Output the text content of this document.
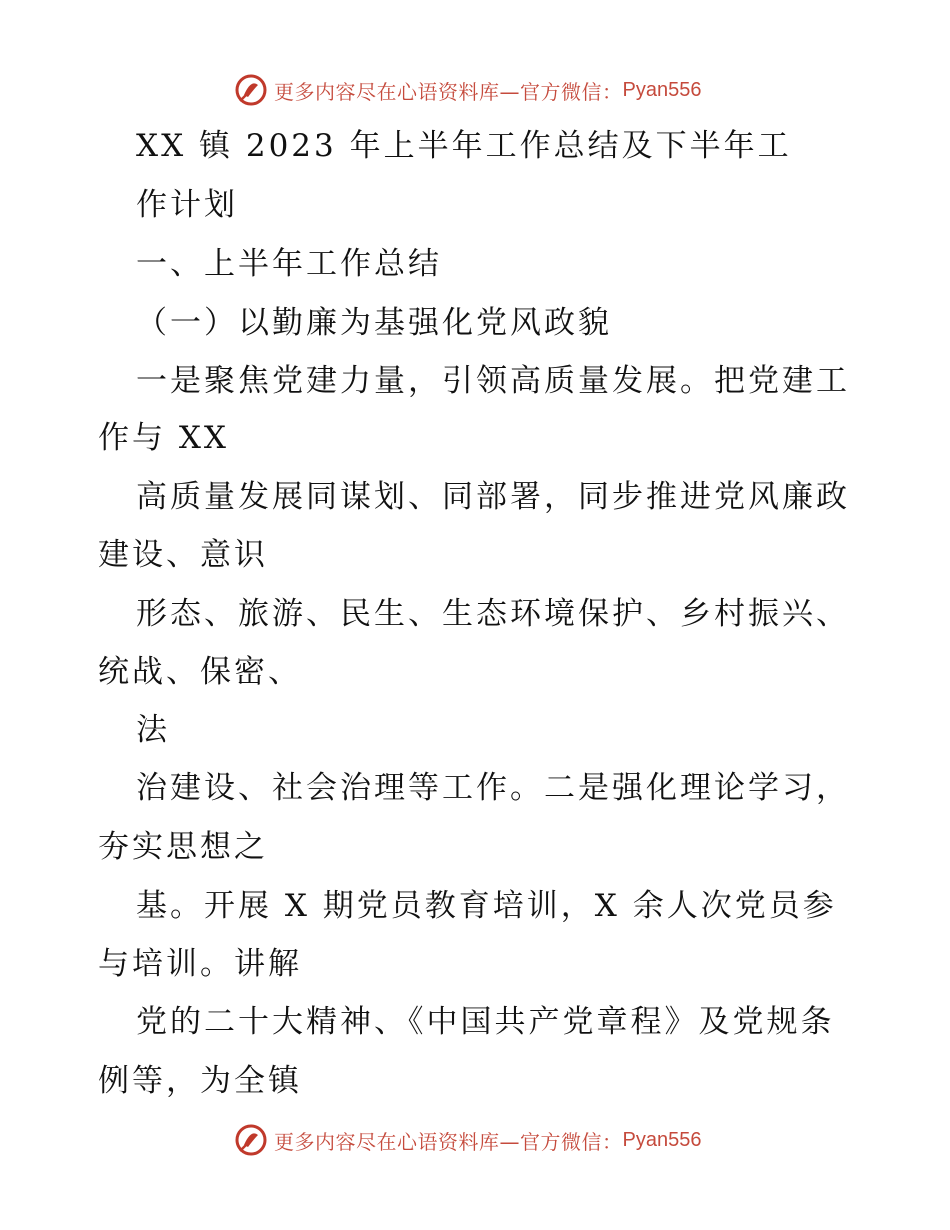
更多内容尽在心语资料库—官方微信： Pyan556
XX 镇 2023 年上半年工作总结及下半年工
作计划
一、上半年工作总结
（一）以勤廉为基强化党风政貌
一是聚焦党建力量，引领高质量发展。把党建工
作与 XX
高质量发展同谋划、同部署，同步推进党风廉政
建设、意识
形态、旅游、民生、生态环境保护、乡村振兴、
统战、保密、
法
治建设、社会治理等工作。二是强化理论学习，
夯实思想之
基。开展 X 期党员教育培训，X 余人次党员参
与培训。讲解
党的二十大精神、《中国共产党章程》及党规条
例等，为全镇
更多内容尽在心语资料库—官方微信： Pyan556
